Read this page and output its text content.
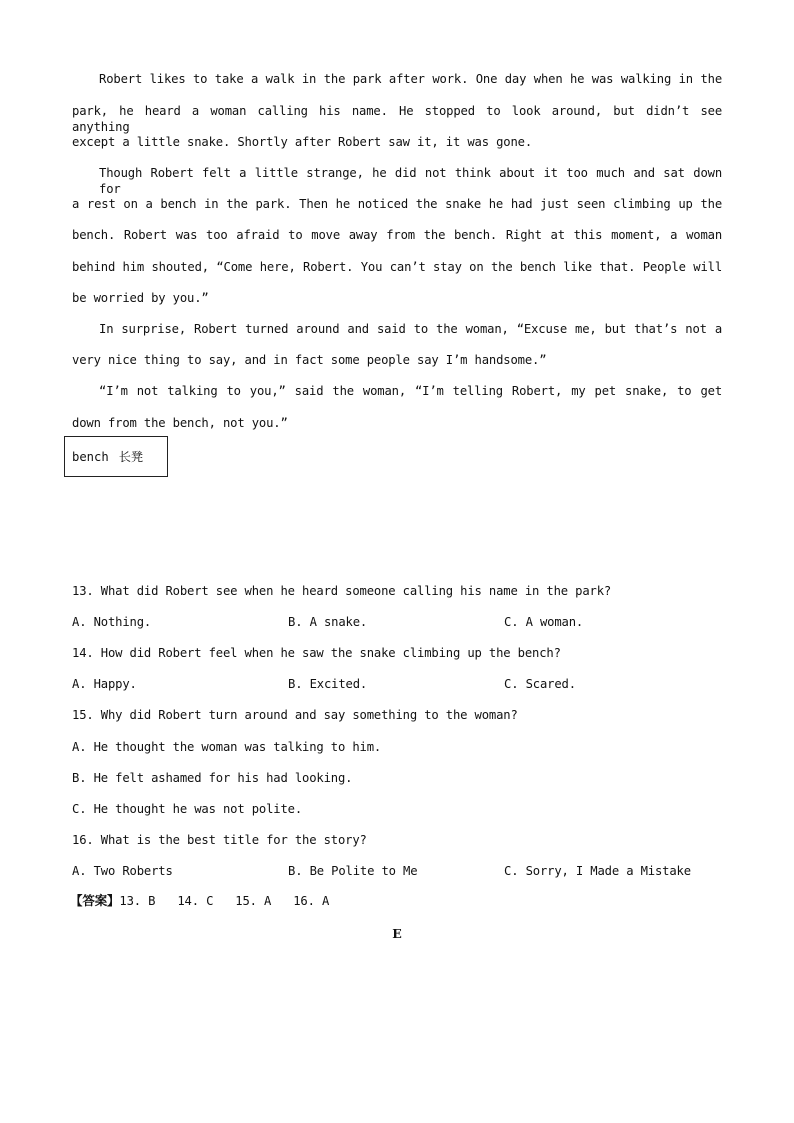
Robert likes to take a walk in the park after work. One day when he was walking in the
park, he heard a woman calling his name. He stopped to look around, but didn’t see anything
except a little snake. Shortly after Robert saw it, it was gone.
Though Robert felt a little strange, he did not think about it too much and sat down for
a rest on a bench in the park. Then he noticed the snake he had just seen climbing up the
bench. Robert was too afraid to move away from the bench. Right at this moment, a woman
behind him shouted, “Come here, Robert. You can’t stay on the bench like that. People will
be worried by you.”
In surprise, Robert turned around and said to the woman, “Excuse me, but that’s not a
very nice thing to say, and in fact some people say I’m handsome.”
“I’m not talking to you,” said the woman, “I’m telling Robert, my pet snake, to get
down from the bench, not you.”
bench 长凳
13. What did Robert see when he heard someone calling his name in the park?
A. Nothing.	B. A snake.	C. A woman.
14. How did Robert feel when he saw the snake climbing up the bench?
A. Happy.	B. Excited.	C. Scared.
15. Why did Robert turn around and say something to the woman?
A. He thought the woman was talking to him.
B. He felt ashamed for his had looking.
C. He thought he was not polite.
16. What is the best title for the story?
A. Two Roberts	B. Be Polite to Me	C. Sorry, I Made a Mistake
【答案】13. B 14. C 15. A 16. A
E
